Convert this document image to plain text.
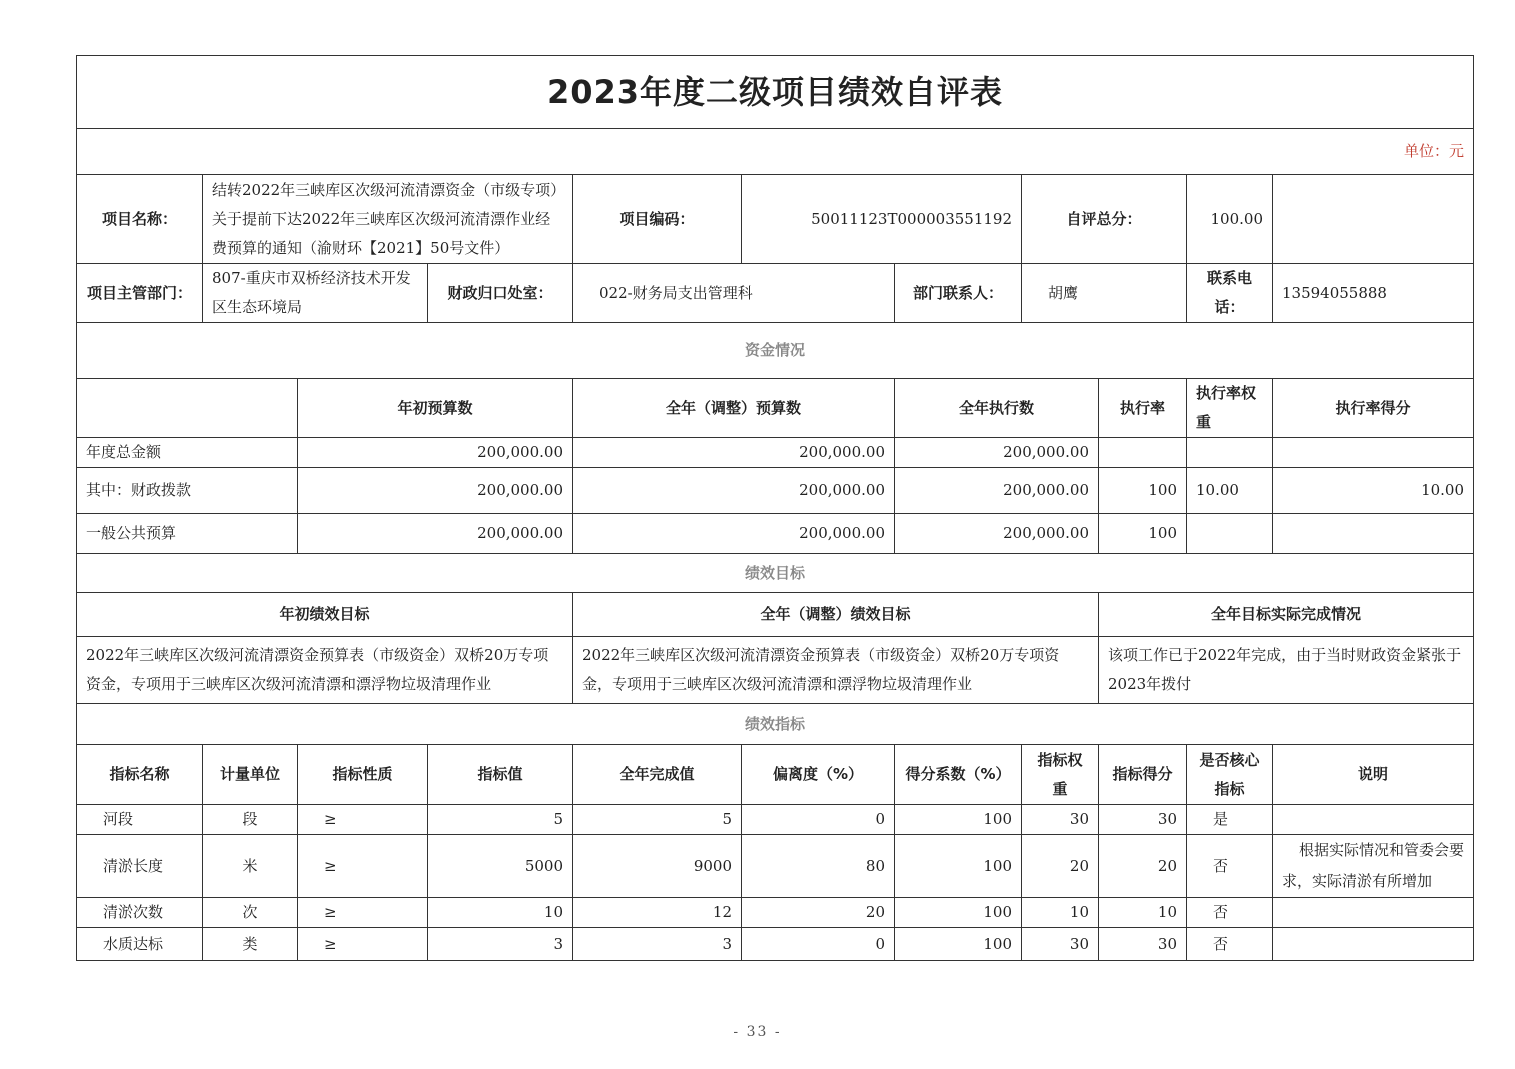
2023年度二级项目绩效自评表										
单位：元										
项目名称：	结转2022年三峡库区次级河流清漂资金（市级专项）关于提前下达2022年三峡库区次级河流清漂作业经费预算的通知（渝财环【2021】50号文件）			项目编码：	50011123T000003551192		自评总分：		100.00	
项目主管部门：	807-重庆市双桥经济技术开发区生态环境局		财政归口处室：	022-财务局支出管理科		部门联系人：	胡鹰		联系电话：	13594055888
资金情况										
		年初预算数		全年（调整）预算数		全年执行数		执行率	执行率权重	执行率得分
年度总金额		200,000.00		200,000.00		200,000.00				
其中：财政拨款		200,000.00		200,000.00		200,000.00		100	10.00	10.00
一般公共预算		200,000.00		200,000.00		200,000.00		100		
绩效目标										
年初绩效目标				全年（调整）绩效目标				全年目标实际完成情况		
2022年三峡库区次级河流清漂资金预算表（市级资金）双桥20万专项资金，专项用于三峡库区次级河流清漂和漂浮物垃圾清理作业				2022年三峡库区次级河流清漂资金预算表（市级资金）双桥20万专项资金，专项用于三峡库区次级河流清漂和漂浮物垃圾清理作业				该项工作已于2022年完成，由于当时财政资金紧张于2023年拨付		
绩效指标										
指标名称	计量单位	指标性质	指标值	全年完成值	偏离度（%）	得分系数（%）	指标权重	指标得分	是否核心指标	说明
河段	段	≥	5	5	0	100	30	30	是	
清淤长度	米	≥	5000	9000	80	100	20	20	否	根据实际情况和管委会要求，实际清淤有所增加
清淤次数	次	≥	10	12	20	100	10	10	否	
水质达标	类	≥	3	3	0	100	30	30	否	
- 33 -
